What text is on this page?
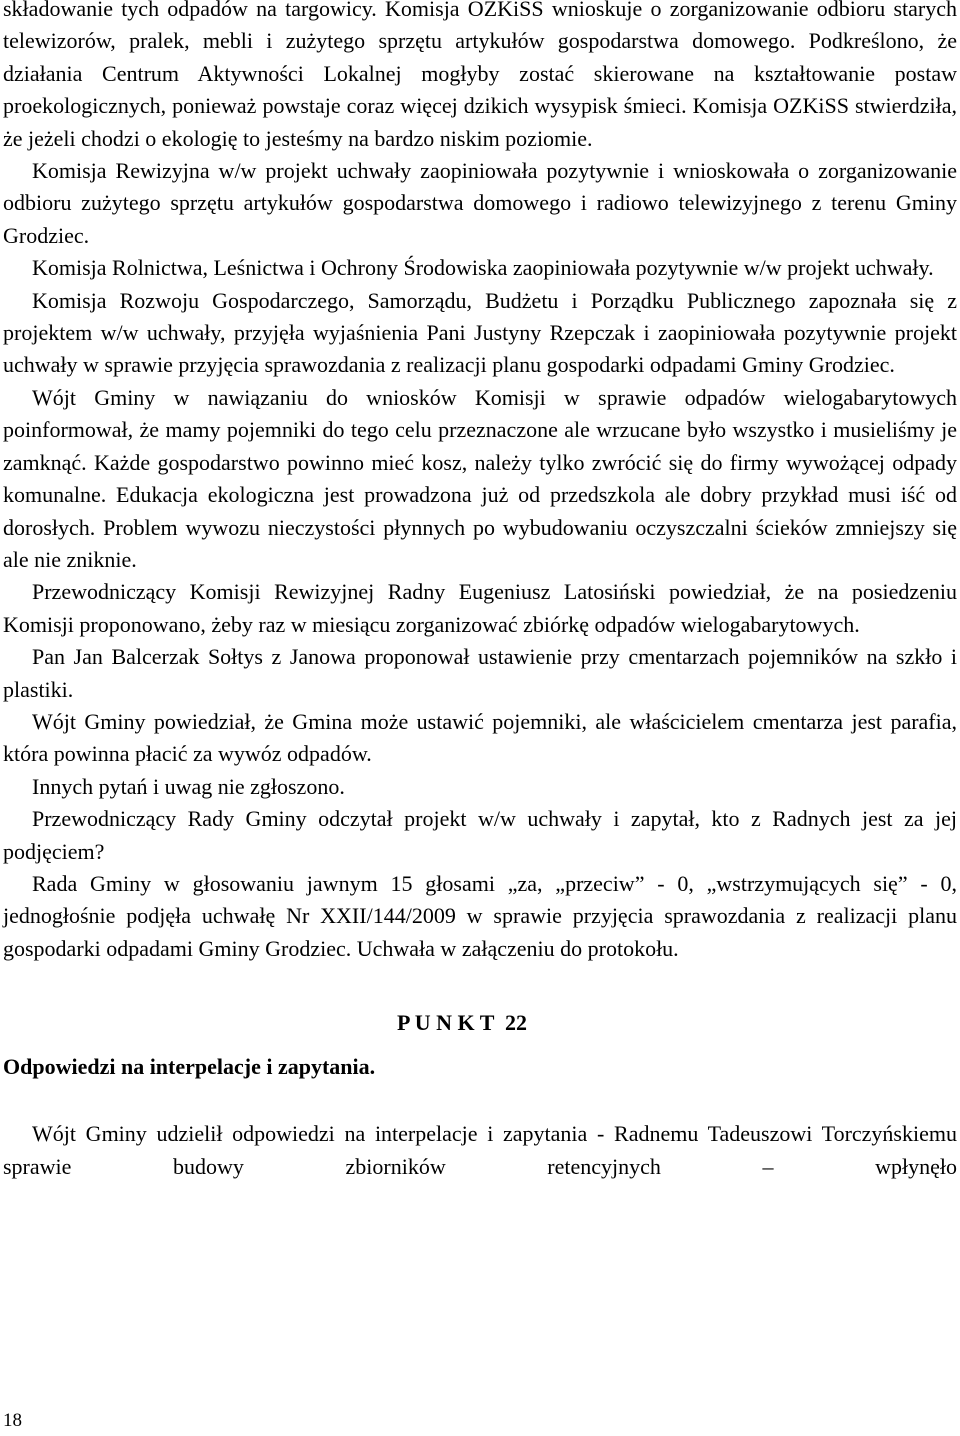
składowanie tych odpadów na targowicy. Komisja OZKiSS wnioskuje o zorganizowanie odbioru starych telewizorów, pralek, mebli i zużytego sprzętu artykułów gospodarstwa domowego. Podkreślono, że działania Centrum Aktywności Lokalnej mogłyby zostać skierowane na kształtowanie postaw proekologicznych, ponieważ powstaje coraz więcej dzikich wysypisk śmieci. Komisja OZKiSS stwierdziła, że jeżeli chodzi o ekologię to jesteśmy na bardzo niskim poziomie.

Komisja Rewizyjna w/w projekt uchwały zaopiniowała pozytywnie i wnioskowała o zorganizowanie odbioru zużytego sprzętu artykułów gospodarstwa domowego i radiowo telewizyjnego z terenu Gminy Grodziec.

Komisja Rolnictwa, Leśnictwa i Ochrony Środowiska zaopiniowała pozytywnie w/w projekt uchwały.

Komisja Rozwoju Gospodarczego, Samorządu, Budżetu i Porządku Publicznego zapoznała się z projektem w/w uchwały, przyjęła wyjaśnienia Pani Justyny Rzepczak i zaopiniowała pozytywnie projekt uchwały w sprawie przyjęcia sprawozdania z realizacji planu gospodarki odpadami Gminy Grodziec.

Wójt Gminy w nawiązaniu do wniosków Komisji w sprawie odpadów wielogabarytowych poinformował, że mamy pojemniki do tego celu przeznaczone ale wrzucane było wszystko i musieliśmy je zamknąć. Każde gospodarstwo powinno mieć kosz, należy tylko zwrócić się do firmy wywożącej odpady komunalne. Edukacja ekologiczna jest prowadzona już od przedszkola ale dobry przykład musi iść od dorosłych. Problem wywozu nieczystości płynnych po wybudowaniu oczyszczalni ścieków zmniejszy się ale nie zniknie.

Przewodniczący Komisji Rewizyjnej Radny Eugeniusz Latosiński powiedział, że na posiedzeniu Komisji proponowano, żeby raz w miesiącu zorganizować zbiórkę odpadów wielogabarytowych.

Pan Jan Balcerzak Sołtys z Janowa proponował ustawienie przy cmentarzach pojemników na szkło i plastiki.

Wójt Gminy powiedział, że Gmina może ustawić pojemniki, ale właścicielem cmentarza jest parafia, która powinna płacić za wywóz odpadów.

Innych pytań i uwag nie zgłoszono.

Przewodniczący Rady Gminy odczytał projekt w/w uchwały i zapytał, kto z Radnych jest za jej podjęciem?

Rada Gminy w głosowaniu jawnym 15 głosami „za, „przeciw” - 0, „wstrzymujących się” - 0, jednogłośnie podjęła uchwałę Nr XXII/144/2009 w sprawie przyjęcia sprawozdania z realizacji planu gospodarki odpadami Gminy Grodziec. Uchwała w załączeniu do protokołu.

P U N K T  22

Odpowiedzi na interpelacje i zapytania.

Wójt Gminy udzielił odpowiedzi na interpelacje i zapytania - Radnemu Tadeuszowi Torczyńskiemu sprawie budowy zbiorników retencyjnych – wpłynęło

18
